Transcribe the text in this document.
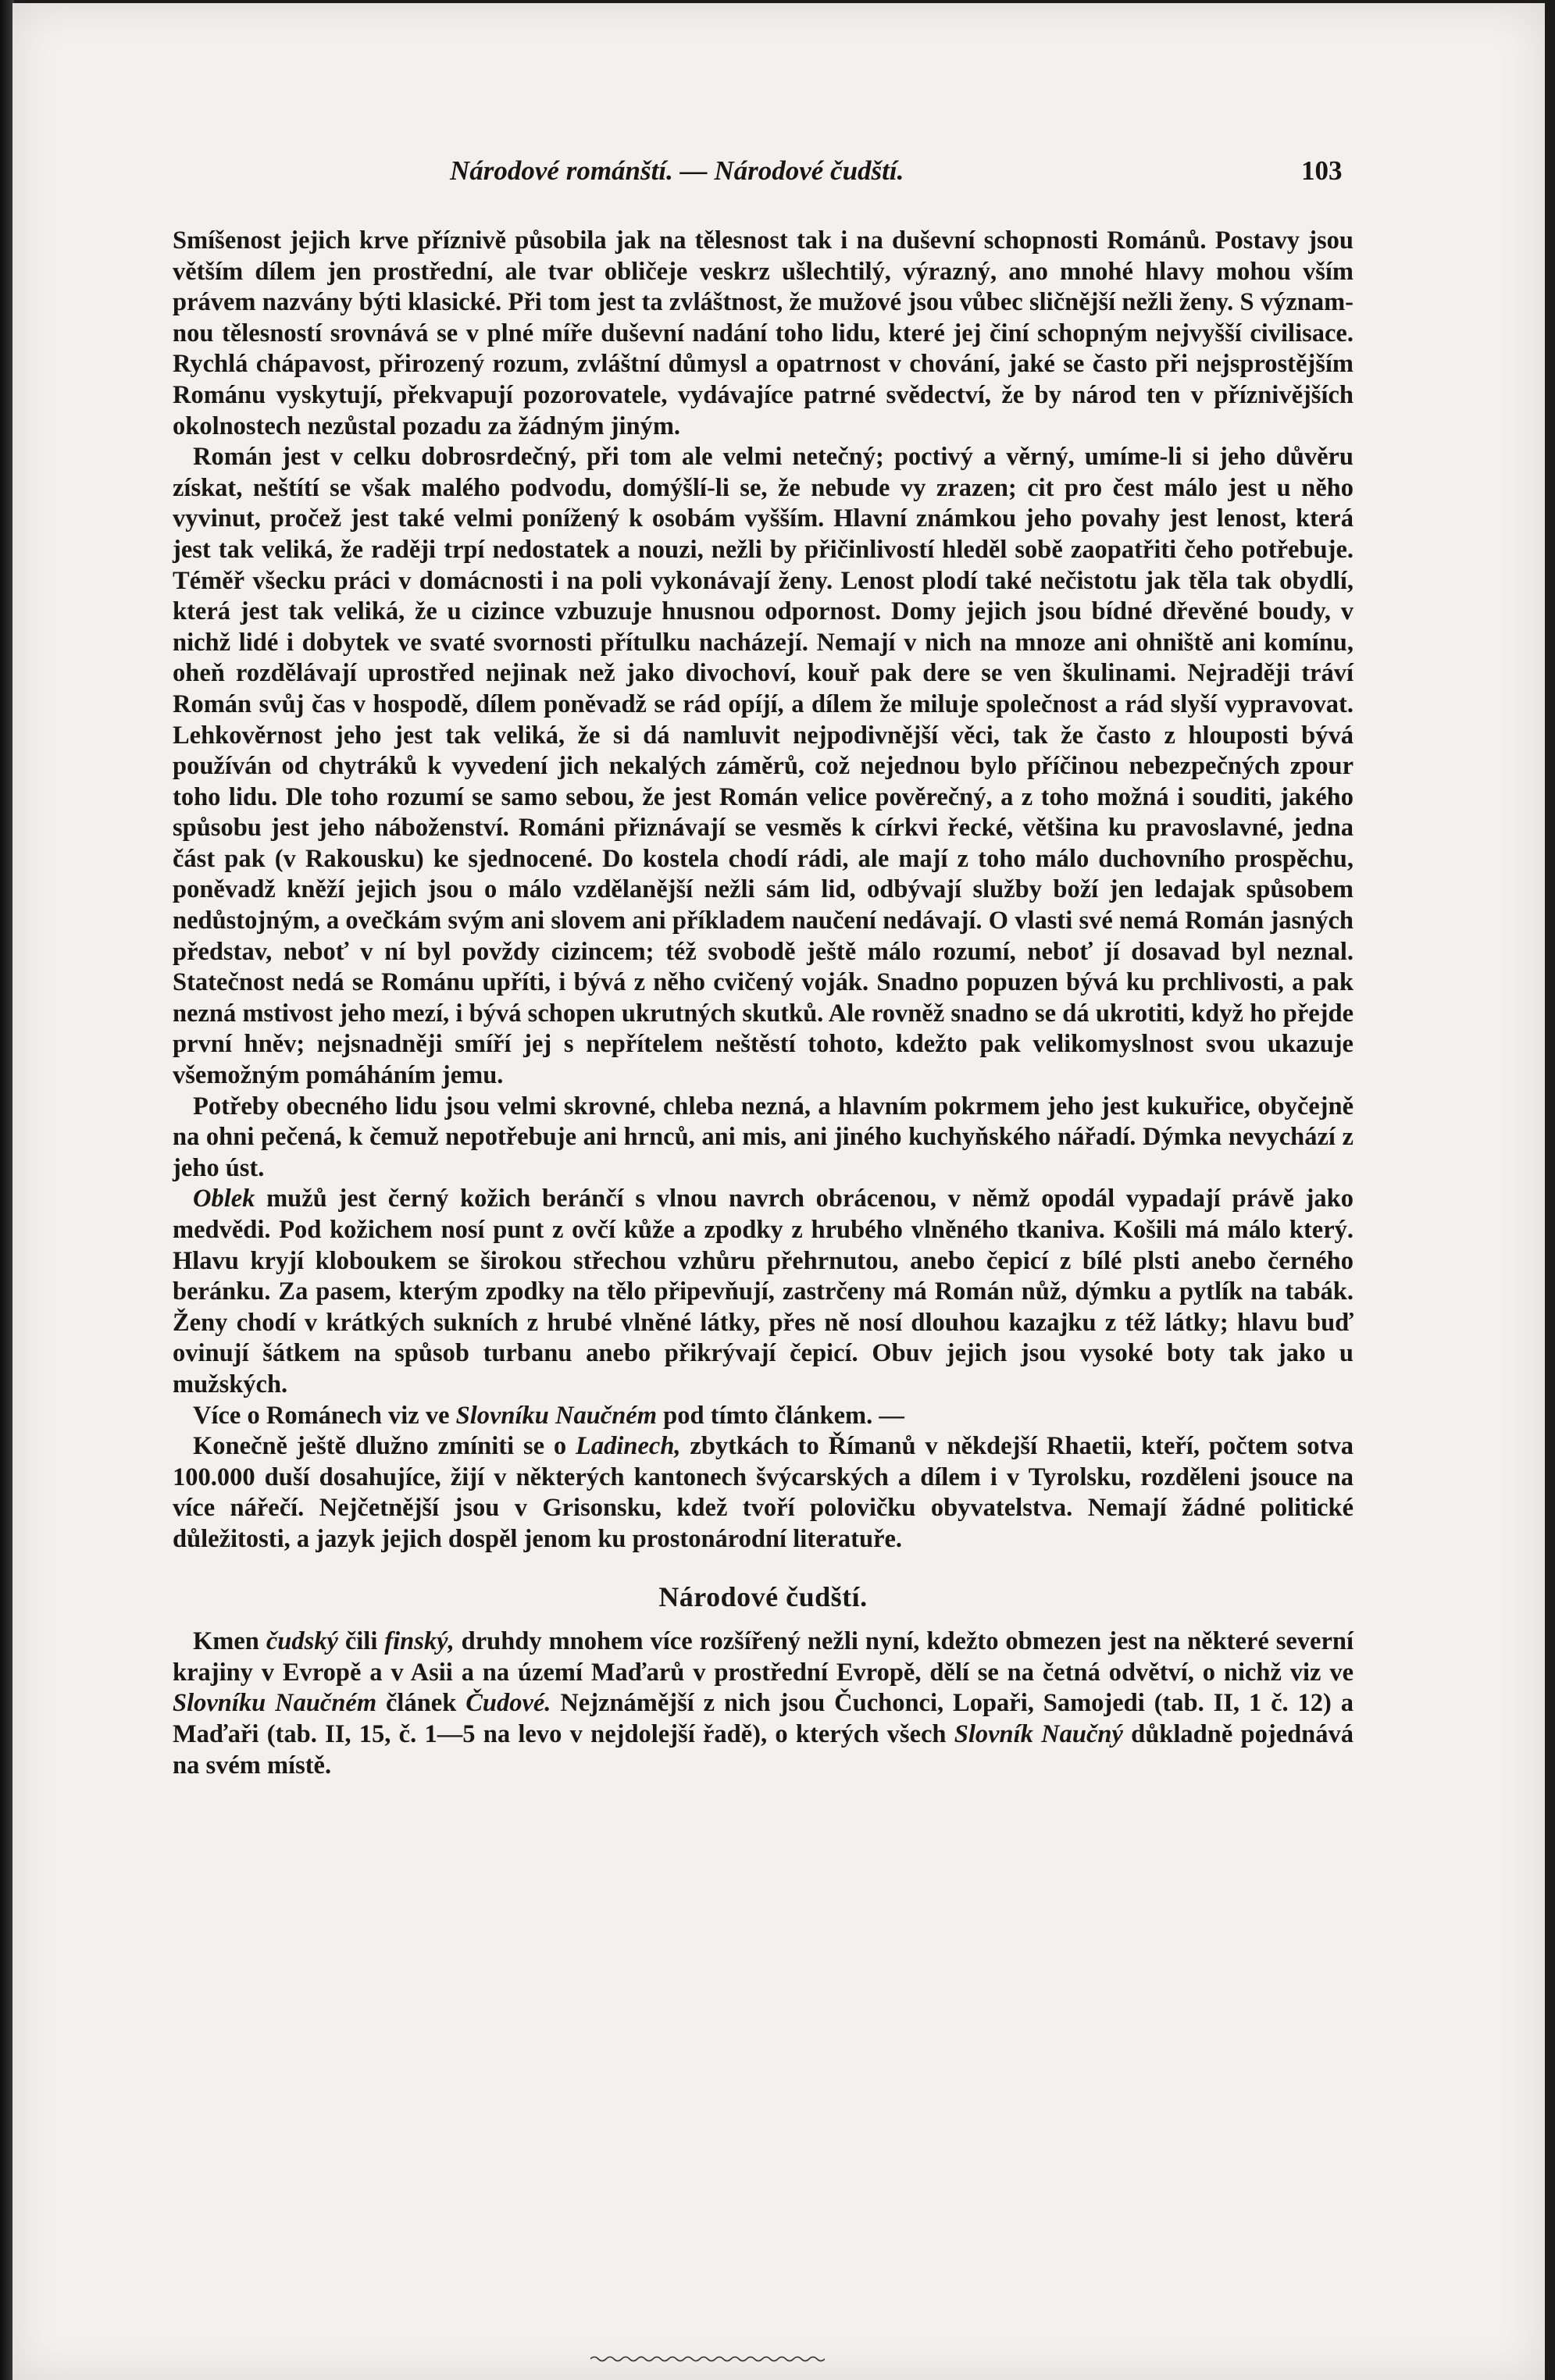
Národové románští. — Národové čudští.	103

Smíšenost jejich krve příznivě působila jak na tělesnost tak i na duševní schopnosti Románů. Postavy jsou větším dílem jen prostřední, ale tvar obličeje veskrz ušlechtilý, výrazný, ano mnohé hlavy mohou vším právem nazvány býti klasické. Při tom jest ta zvláštnost, že mužové jsou vůbec sličnější nežli ženy. S významnou tělesností srovnává se v plné míře duševní nadání toho lidu, které jej činí schopným nejvyšší civilisace. Rychlá chápavost, přirozený rozum, zvláštní důmysl a opatrnost v chování, jaké se často při nejsprostějším Románu vyskytují, překvapují pozorovatele, vydávajíce patrné svědectví, že by národ ten v příznivějších okolnostech nezůstal pozadu za žádným jiným.

Román jest v celku dobrosrdečný, při tom ale velmi netečný; poctivý a věrný, umíme-li si jeho důvěru získat, neštítí se však malého podvodu, domýšlí-li se, že nebude vy zrazen; cit pro čest málo jest u něho vyvinut, pročež jest také velmi ponížený k osobám vyšším. Hlavní známkou jeho povahy jest lenost, která jest tak veliká, že raději trpí nedostatek a nouzi, nežli by přičinlivostí hleděl sobě zaopatřiti čeho potřebuje. Téměř všecku práci v domácnosti i na poli vykonávají ženy. Lenost plodí také nečistotu jak těla tak obydlí, která jest tak veliká, že u cizince vzbuzuje hnusnou odpornost. Domy jejich jsou bídné dřevěné boudy, v nichž lidé i dobytek ve svaté svornosti přítulku nacházejí. Nemají v nich na mnoze ani ohniště ani komínu, oheň rozdělávají uprostřed nejinak než jako divochoví, kouř pak dere se ven škulinami. Nejraději tráví Román svůj čas v hospodě, dílem poněvadž se rád opíjí, a dílem že miluje společnost a rád slyší vypravovat. Lehkověrnost jeho jest tak veliká, že si dá namluvit nejpodivnější věci, tak že často z hlouposti bývá používán od chytráků k vyvedení jich nekalých záměrů, což nejednou bylo příčinou nebezpečných zpour toho lidu. Dle toho rozumí se samo sebou, že jest Román velice pověrečný, a z toho možná i souditi, jakého spůsobu jest jeho náboženství. Románi přiznávají se vesměs k církvi řecké, většina ku pravoslavné, jedna část pak (v Rakousku) ke sjednocené. Do kostela chodí rádi, ale mají z toho málo duchovního prospěchu, poněvadž kněží jejich jsou o málo vzdělanější nežli sám lid, odbývají služby boží jen ledajak spůsobem nedůstojným, a ovečkám svým ani slovem ani příkladem naučení nedávají. O vlasti své nemá Román jasných představ, neboť v ní byl povždy cizincem; též svobodě ještě málo rozumí, neboť jí dosavad byl neznal. Statečnost nedá se Románu upříti, i bývá z něho cvičený voják. Snadno popuzen bývá ku prchlivosti, a pak nezná mstivost jeho mezí, i bývá schopen ukrutných skutků. Ale rovněž snadno se dá ukrotiti, když ho přejde první hněv; nejsnadněji smíří jej s nepřítelem neštěstí tohoto, kdežto pak velikomyslnost svou ukazuje všemožným pomáháním jemu.

Potřeby obecného lidu jsou velmi skrovné, chleba nezná, a hlavním pokrmem jeho jest kukuřice, obyčejně na ohni pečená, k čemuž nepotřebuje ani hrnců, ani mis, ani jiného kuchyňského nářadí. Dýmka nevychází z jeho úst.

Oblek mužů jest černý kožich beránčí s vlnou navrch obrácenou, v němž opodál vypadají právě jako medvědi. Pod kožichem nosí punt z ovčí kůže a zpodky z hrubého vlněného tkaniva. Košili má málo který. Hlavu kryjí kloboukem se širokou střechou vzhůru přehrnutou, anebo čepicí z bílé plsti anebo černého beránku. Za pasem, kterým zpodky na tělo připevňují, zastrčeny má Román nůž, dýmku a pytlík na tabák. Ženy chodí v krátkých sukních z hrubé vlněné látky, přes ně nosí dlouhou kazajku z též látky; hlavu buď ovinují šátkem na spůsob turbanu anebo přikrývají čepicí. Obuv jejich jsou vysoké boty tak jako u mužských.

Více o Románech viz ve Slovníku Naučném pod tímto článkem. —

Konečně ještě dlužno zmíniti se o Ladinech, zbytkách to Římanů v někdejší Rhaetii, kteří, počtem sotva 100.000 duší dosahujíce, žijí v některých kantonech švýcarských a dílem i v Tyrolsku, rozděleni jsouce na více nářečí. Nejčetnější jsou v Grisonsku, kdež tvoří polovičku obyvatelstva. Nemají žádné politické důležitosti, a jazyk jejich dospěl jenom ku prostonárodní literatuře.

Národové čudští.

Kmen čudský čili finský, druhdy mnohem více rozšířený nežli nyní, kdežto obmezen jest na některé severní krajiny v Evropě a v Asii a na území Maďarů v prostřední Evropě, dělí se na četná odvětví, o nichž viz ve Slovníku Naučném článek Čudové. Nejznámější z nich jsou Čuchonci, Lopaři, Samojedi (tab. II, 1 č. 12) a Maďaři (tab. II, 15, č. 1—5 na levo v nejdolejší řadě), o kterých všech Slovník Naučný důkladně pojednává na svém místě.
